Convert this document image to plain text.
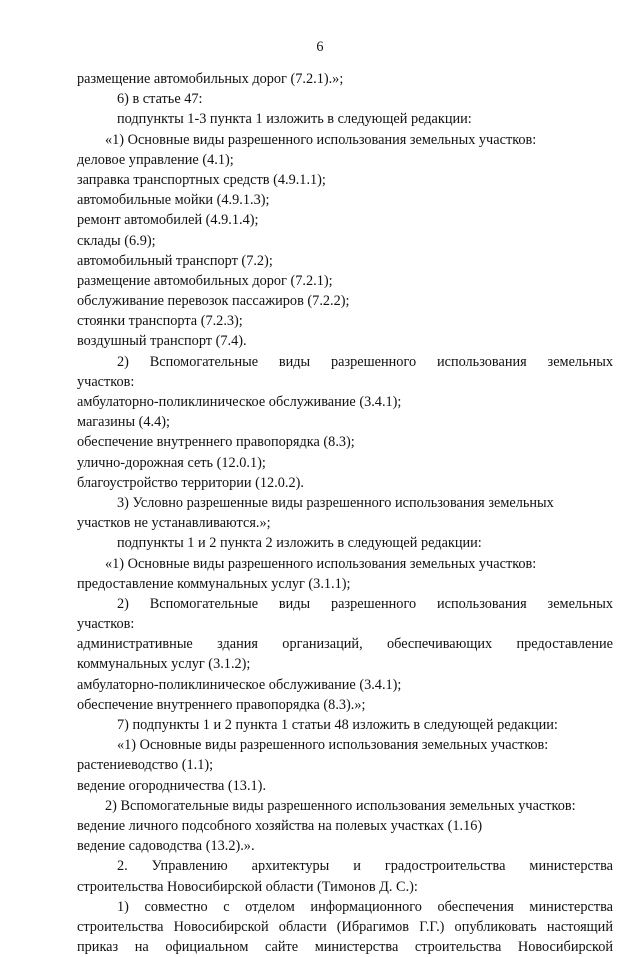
6
размещение автомобильных дорог (7.2.1).»;
6) в статье 47:
подпункты 1-3 пункта 1 изложить в следующей редакции:
«1) Основные виды разрешенного использования земельных участков:
деловое управление (4.1);
заправка транспортных средств (4.9.1.1);
автомобильные мойки (4.9.1.3);
ремонт автомобилей (4.9.1.4);
склады (6.9);
автомобильный транспорт (7.2);
размещение автомобильных дорог (7.2.1);
обслуживание перевозок пассажиров (7.2.2);
стоянки транспорта (7.2.3);
воздушный транспорт (7.4).
2) Вспомогательные виды разрешенного использования земельных
участков:
амбулаторно-поликлиническое обслуживание (3.4.1);
магазины (4.4);
обеспечение внутреннего правопорядка (8.3);
улично-дорожная сеть (12.0.1);
благоустройство территории (12.0.2).
3) Условно разрешенные виды разрешенного использования земельных
участков не устанавливаются.»;
подпункты 1 и 2 пункта 2 изложить в следующей редакции:
«1) Основные виды разрешенного использования земельных участков:
предоставление коммунальных услуг (3.1.1);
2) Вспомогательные виды разрешенного использования земельных
участков:
административные здания организаций, обеспечивающих предоставление
коммунальных услуг (3.1.2);
амбулаторно-поликлиническое обслуживание (3.4.1);
обеспечение внутреннего правопорядка (8.3).»;
7) подпункты 1 и 2 пункта 1 статьи 48 изложить в следующей редакции:
«1) Основные виды разрешенного использования земельных участков:
растениеводство (1.1);
ведение огородничества (13.1).
2) Вспомогательные виды разрешенного использования земельных участков:
ведение личного подсобного хозяйства на полевых участках (1.16)
ведение садоводства (13.2).».
2. Управлению архитектуры и градостроительства министерства
строительства Новосибирской области (Тимонов Д. С.):
1) совместно с отделом информационного обеспечения министерства
строительства Новосибирской области (Ибрагимов Г.Г.) опубликовать настоящий
приказ на официальном сайте министерства строительства Новосибирской
